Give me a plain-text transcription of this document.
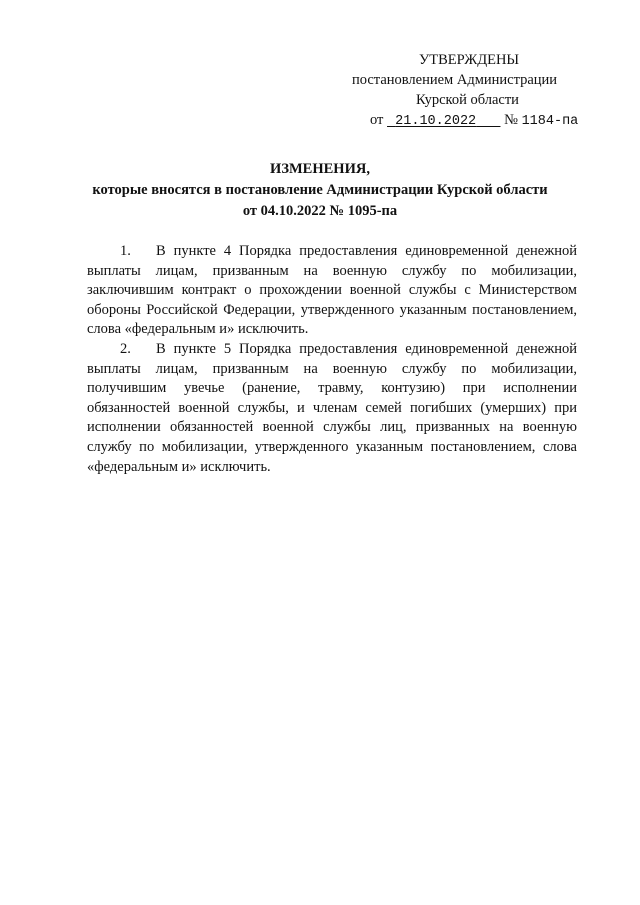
УТВЕРЖДЕНЫ
постановлением Администрации
Курской области
от 21.10.2022 № 1184-па
ИЗМЕНЕНИЯ,
которые вносятся в постановление Администрации Курской области
от 04.10.2022 № 1095-па

1. В пункте 4 Порядка предоставления единовременной денежной выплаты лицам, призванным на военную службу по мобилизации, заключившим контракт о прохождении военной службы с Министерством обороны Российской Федерации, утвержденного указанным постановлением, слова «федеральным и» исключить.

2. В пункте 5 Порядка предоставления единовременной денежной выплаты лицам, призванным на военную службу по мобилизации, получившим увечье (ранение, травму, контузию) при исполнении обязанностей военной службы, и членам семей погибших (умерших) при исполнении обязанностей военной службы лиц, призванных на военную службу по мобилизации, утвержденного указанным постановлением, слова «федеральным и» исключить.
